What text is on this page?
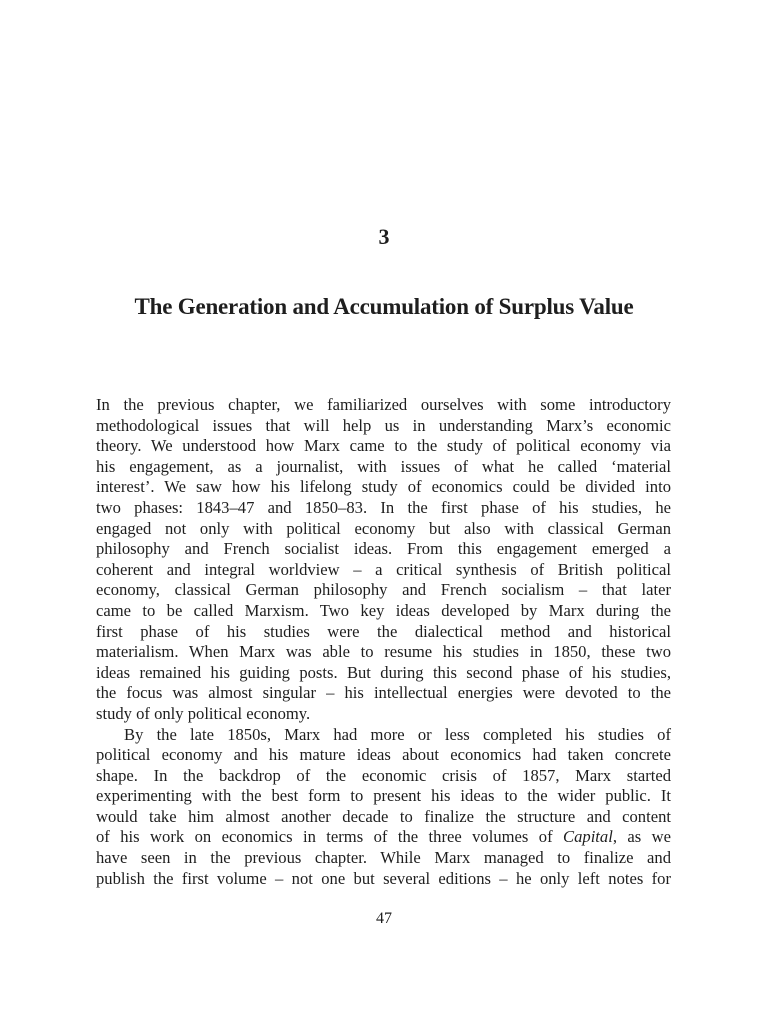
3
The Generation and Accumulation of Surplus Value
In the previous chapter, we familiarized ourselves with some introductory
methodological issues that will help us in understanding Marx’s economic
theory. We understood how Marx came to the study of political economy via
his engagement, as a journalist, with issues of what he called ‘material
interest’. We saw how his lifelong study of economics could be divided into
two phases: 1843–47 and 1850–83. In the first phase of his studies, he
engaged not only with political economy but also with classical German
philosophy and French socialist ideas. From this engagement emerged a
coherent and integral worldview – a critical synthesis of British political
economy, classical German philosophy and French socialism – that later
came to be called Marxism. Two key ideas developed by Marx during the
first phase of his studies were the dialectical method and historical
materialism. When Marx was able to resume his studies in 1850, these two
ideas remained his guiding posts. But during this second phase of his studies,
the focus was almost singular – his intellectual energies were devoted to the
study of only political economy.
By the late 1850s, Marx had more or less completed his studies of
political economy and his mature ideas about economics had taken concrete
shape. In the backdrop of the economic crisis of 1857, Marx started
experimenting with the best form to present his ideas to the wider public. It
would take him almost another decade to finalize the structure and content
of his work on economics in terms of the three volumes of Capital, as we
have seen in the previous chapter. While Marx managed to finalize and
publish the first volume – not one but several editions – he only left notes for
47
